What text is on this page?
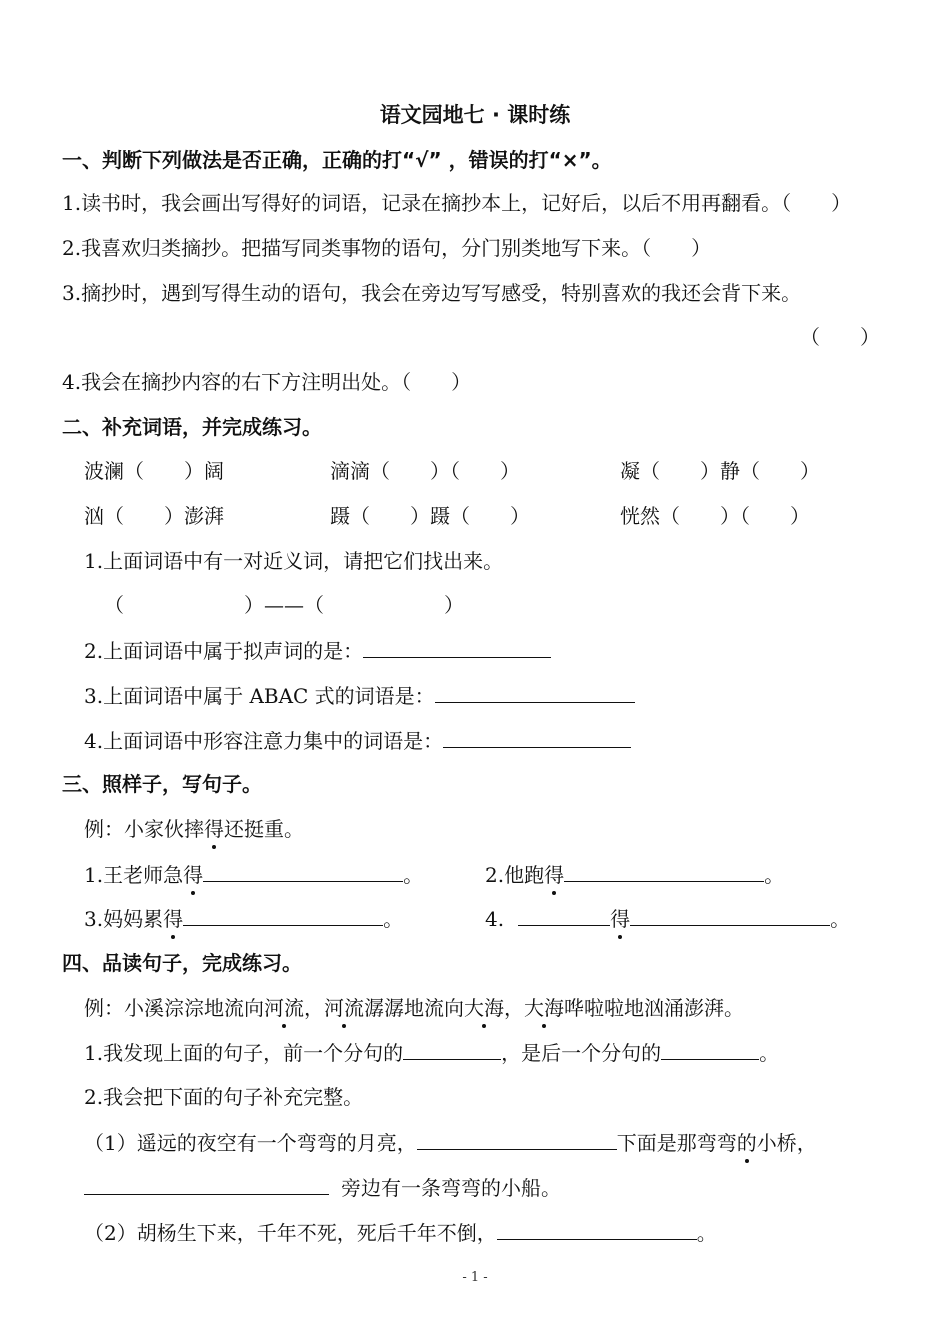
语文园地七 · 课时练
一、判断下列做法是否正确，正确的打“√” ，错误的打“×”。
1.读书时，我会画出写得好的词语，记录在摘抄本上，记好后，以后不用再翻看。（　　）
2.我喜欢归类摘抄。把描写同类事物的语句，分门别类地写下来。（　　）
3.摘抄时，遇到写得生动的语句，我会在旁边写写感受，特别喜欢的我还会背下来。
（　　）
4.我会在摘抄内容的右下方注明出处。（　　）
二、补充词语，并完成练习。
波澜（　　）阔	滴滴（　　）（　　）	凝（　　）静（　　）
汹（　　）澎湃	蹑（　　）蹑（　　）	恍然（　　）（　　）
1.上面词语中有一对近义词，请把它们找出来。
（　　　　　　）——（　　　　　　）
2.上面词语中属于拟声词的是：
3.上面词语中属于 ABAC 式的词语是：
4.上面词语中形容注意力集中的词语是：
三、照样子，写句子。
例：小家伙摔得还挺重。
1.王老师急得	。	2.他跑得	。
3.妈妈累得	。	4.	得	。
四、品读句子，完成练习。
例：小溪淙淙地流向河流，河流潺潺地流向大海，大海哗啦啦地汹涌澎湃。
1.我发现上面的句子，前一个分句的	，是后一个分句的	。
2.我会把下面的句子补充完整。
（1）遥远的夜空有一个弯弯的月亮，	下面是那弯弯的小桥，
旁边有一条弯弯的小船。
（2）胡杨生下来，千年不死，死后千年不倒，	。
- 1 -
